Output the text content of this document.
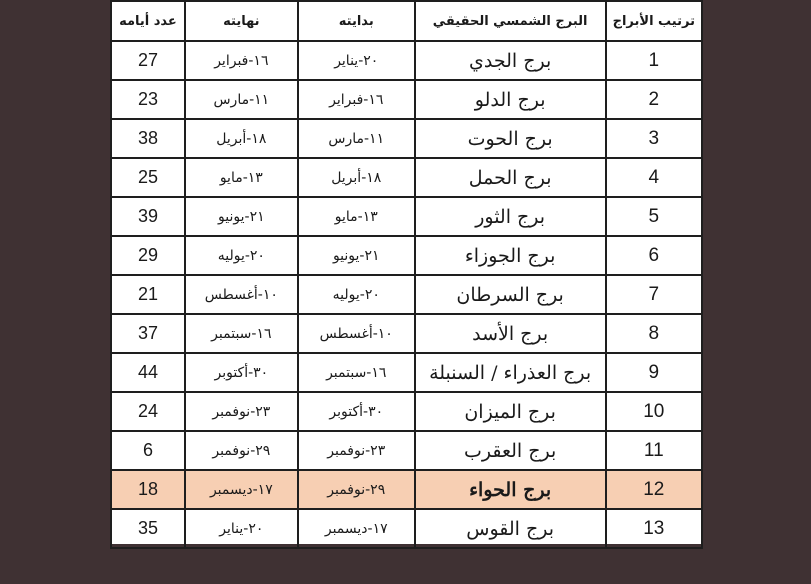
ترتيب الأبراج	البرج الشمسي الحقيقي	بدايته	نهايته	عدد أيامه
1	برج الجدي	٢٠-يناير	١٦-فبراير	27
2	برج الدلو	١٦-فبراير	١١-مارس	23
3	برج الحوت	١١-مارس	١٨-أبريل	38
4	برج الحمل	١٨-أبريل	١٣-مايو	25
5	برج الثور	١٣-مايو	٢١-يونيو	39
6	برج الجوزاء	٢١-يونيو	٢٠-يوليه	29
7	برج السرطان	٢٠-يوليه	١٠-أغسطس	21
8	برج الأسد	١٠-أغسطس	١٦-سبتمبر	37
9	برج العذراء / السنبلة	١٦-سبتمبر	٣٠-أكتوبر	44
10	برج الميزان	٣٠-أكتوبر	٢٣-نوفمبر	24
11	برج العقرب	٢٣-نوفمبر	٢٩-نوفمبر	6
12	برج الحواء	٢٩-نوفمبر	١٧-ديسمبر	18
13	برج القوس	١٧-ديسمبر	٢٠-يناير	35
